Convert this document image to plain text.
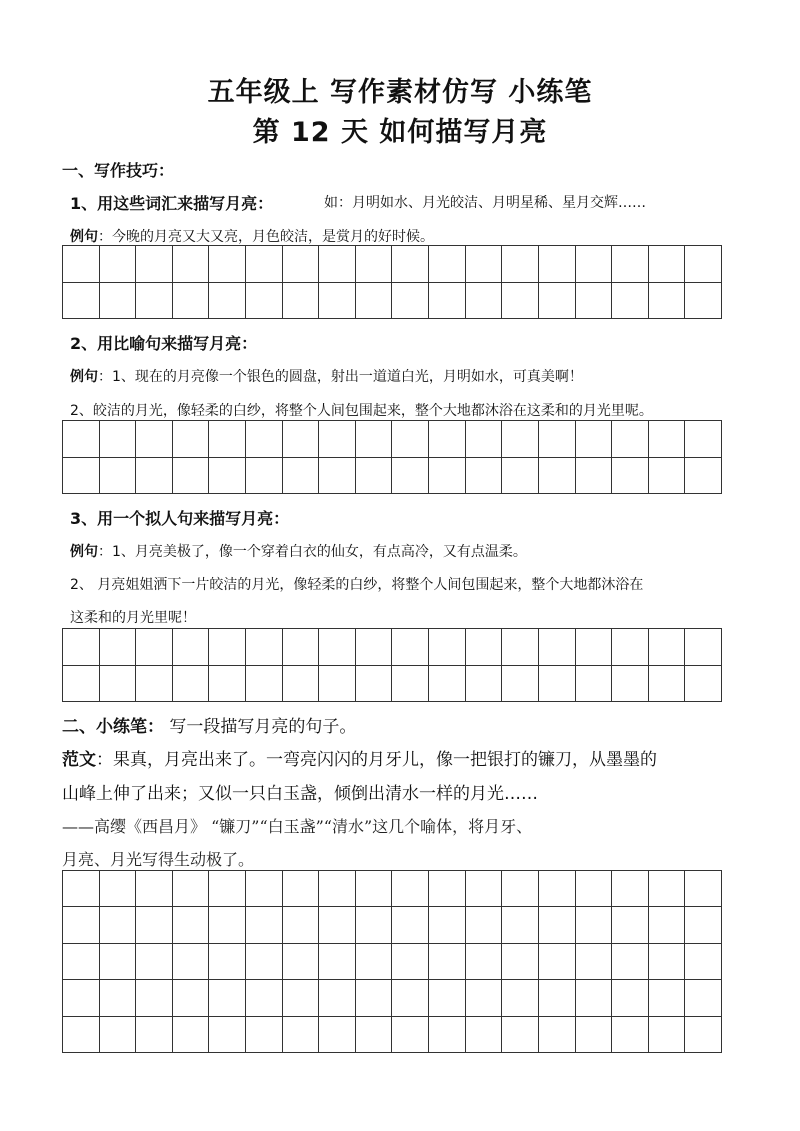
五年级上 写作素材仿写 小练笔
第 12 天 如何描写月亮
一、写作技巧：
1、用这些词汇来描写月亮：	如：月明如水、月光皎洁、月明星稀、星月交辉……
例句：今晚的月亮又大又亮，月色皎洁，是赏月的好时候。

2、用比喻句来描写月亮：
例句：1、现在的月亮像一个银色的圆盘，射出一道道白光，月明如水，可真美啊！
2、皎洁的月光，像轻柔的白纱，将整个人间包围起来，整个大地都沐浴在这柔和的月光里呢。

3、用一个拟人句来描写月亮：
例句：1、月亮美极了，像一个穿着白衣的仙女，有点高冷，又有点温柔。
2、 月亮姐姐洒下一片皎洁的月光，像轻柔的白纱，将整个人间包围起来，整个大地都沐浴在
这柔和的月光里呢！

二、小练笔： 写一段描写月亮的句子。
范文：果真，月亮出来了。一弯亮闪闪的月牙儿，像一把银打的镰刀，从墨墨的
山峰上伸了出来；又似一只白玉盏，倾倒出清水一样的月光……
——高缨《西昌月》 “镰刀”“白玉盏”“清水”这几个喻体，将月牙、
月亮、月光写得生动极了。
